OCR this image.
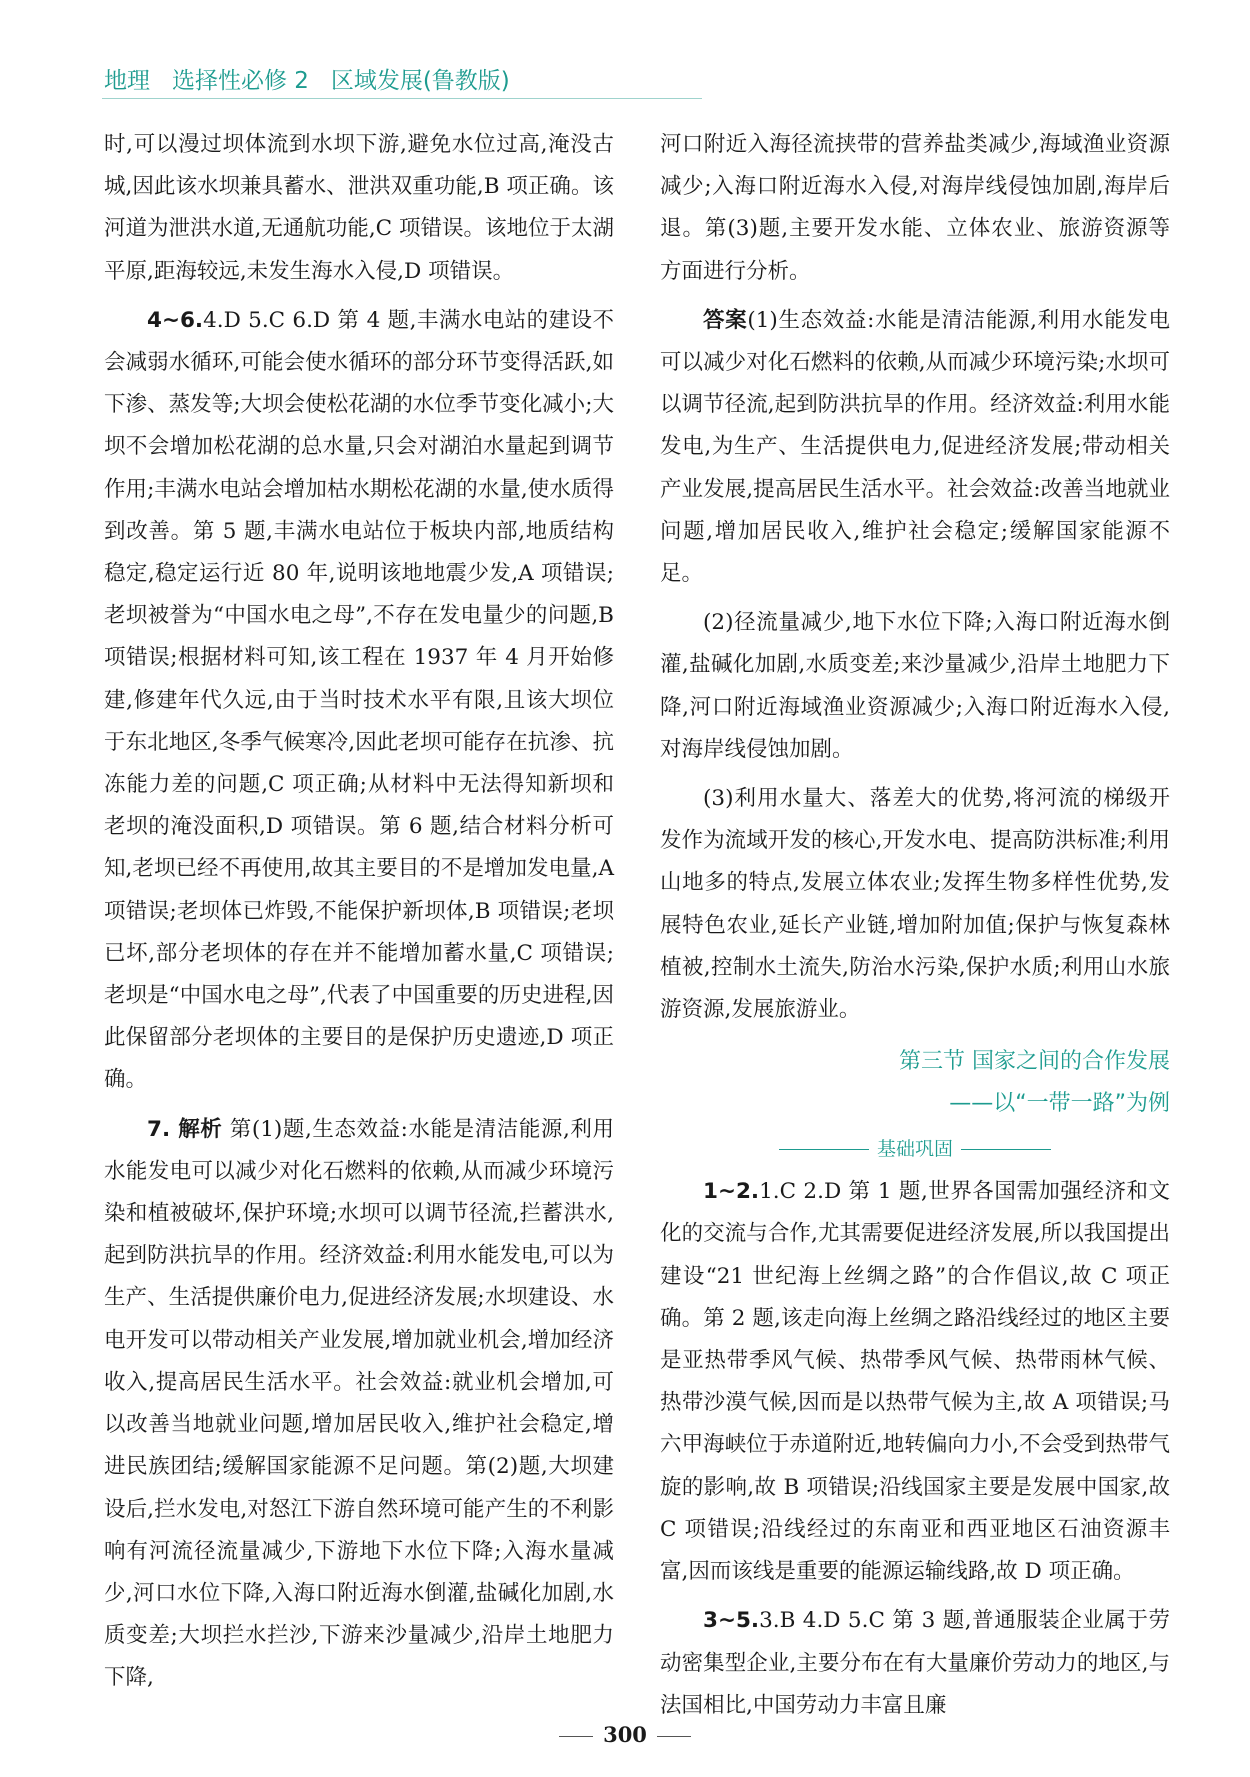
地理 选择性必修 2 区域发展(鲁教版)

时,可以漫过坝体流到水坝下游,避免水位过高,淹没古城,因此该水坝兼具蓄水、泄洪双重功能,B 项正确。该河道为泄洪水道,无通航功能,C 项错误。该地位于太湖平原,距海较远,未发生海水入侵,D 项错误。

4~6.4.D 5.C 6.D 第 4 题,丰满水电站的建设不会减弱水循环,可能会使水循环的部分环节变得活跃,如下渗、蒸发等;大坝会使松花湖的水位季节变化减小;大坝不会增加松花湖的总水量,只会对湖泊水量起到调节作用;丰满水电站会增加枯水期松花湖的水量,使水质得到改善。第 5 题,丰满水电站位于板块内部,地质结构稳定,稳定运行近 80 年,说明该地地震少发,A 项错误;老坝被誉为“中国水电之母”,不存在发电量少的问题,B 项错误;根据材料可知,该工程在 1937 年 4 月开始修建,修建年代久远,由于当时技术水平有限,且该大坝位于东北地区,冬季气候寒冷,因此老坝可能存在抗渗、抗冻能力差的问题,C 项正确;从材料中无法得知新坝和老坝的淹没面积,D 项错误。第 6 题,结合材料分析可知,老坝已经不再使用,故其主要目的不是增加发电量,A 项错误;老坝体已炸毁,不能保护新坝体,B 项错误;老坝已坏,部分老坝体的存在并不能增加蓄水量,C 项错误;老坝是“中国水电之母”,代表了中国重要的历史进程,因此保留部分老坝体的主要目的是保护历史遗迹,D 项正确。

7. 解析 第(1)题,生态效益:水能是清洁能源,利用水能发电可以减少对化石燃料的依赖,从而减少环境污染和植被破坏,保护环境;水坝可以调节径流,拦蓄洪水,起到防洪抗旱的作用。经济效益:利用水能发电,可以为生产、生活提供廉价电力,促进经济发展;水坝建设、水电开发可以带动相关产业发展,增加就业机会,增加经济收入,提高居民生活水平。社会效益:就业机会增加,可以改善当地就业问题,增加居民收入,维护社会稳定,增进民族团结;缓解国家能源不足问题。第(2)题,大坝建设后,拦水发电,对怒江下游自然环境可能产生的不利影响有河流径流量减少,下游地下水位下降;入海水量减少,河口水位下降,入海口附近海水倒灌,盐碱化加剧,水质变差;大坝拦水拦沙,下游来沙量减少,沿岸土地肥力下降,

河口附近入海径流挟带的营养盐类减少,海域渔业资源减少;入海口附近海水入侵,对海岸线侵蚀加剧,海岸后退。第(3)题,主要开发水能、立体农业、旅游资源等方面进行分析。

答案(1)生态效益:水能是清洁能源,利用水能发电可以减少对化石燃料的依赖,从而减少环境污染;水坝可以调节径流,起到防洪抗旱的作用。经济效益:利用水能发电,为生产、生活提供电力,促进经济发展;带动相关产业发展,提高居民生活水平。社会效益:改善当地就业问题,增加居民收入,维护社会稳定;缓解国家能源不足。

(2)径流量减少,地下水位下降;入海口附近海水倒灌,盐碱化加剧,水质变差;来沙量减少,沿岸土地肥力下降,河口附近海域渔业资源减少;入海口附近海水入侵,对海岸线侵蚀加剧。

(3)利用水量大、落差大的优势,将河流的梯级开发作为流域开发的核心,开发水电、提高防洪标准;利用山地多的特点,发展立体农业;发挥生物多样性优势,发展特色农业,延长产业链,增加附加值;保护与恢复森林植被,控制水土流失,防治水污染,保护水质;利用山水旅游资源,发展旅游业。

第三节 国家之间的合作发展
——以“一带一路”为例
基础巩固

1~2.1.C 2.D 第 1 题,世界各国需加强经济和文化的交流与合作,尤其需要促进经济发展,所以我国提出建设“21 世纪海上丝绸之路”的合作倡议,故 C 项正确。第 2 题,该走向海上丝绸之路沿线经过的地区主要是亚热带季风气候、热带季风气候、热带雨林气候、热带沙漠气候,因而是以热带气候为主,故 A 项错误;马六甲海峡位于赤道附近,地转偏向力小,不会受到热带气旋的影响,故 B 项错误;沿线国家主要是发展中国家,故 C 项错误;沿线经过的东南亚和西亚地区石油资源丰富,因而该线是重要的能源运输线路,故 D 项正确。

3~5.3.B 4.D 5.C 第 3 题,普通服装企业属于劳动密集型企业,主要分布在有大量廉价劳动力的地区,与法国相比,中国劳动力丰富且廉

300
